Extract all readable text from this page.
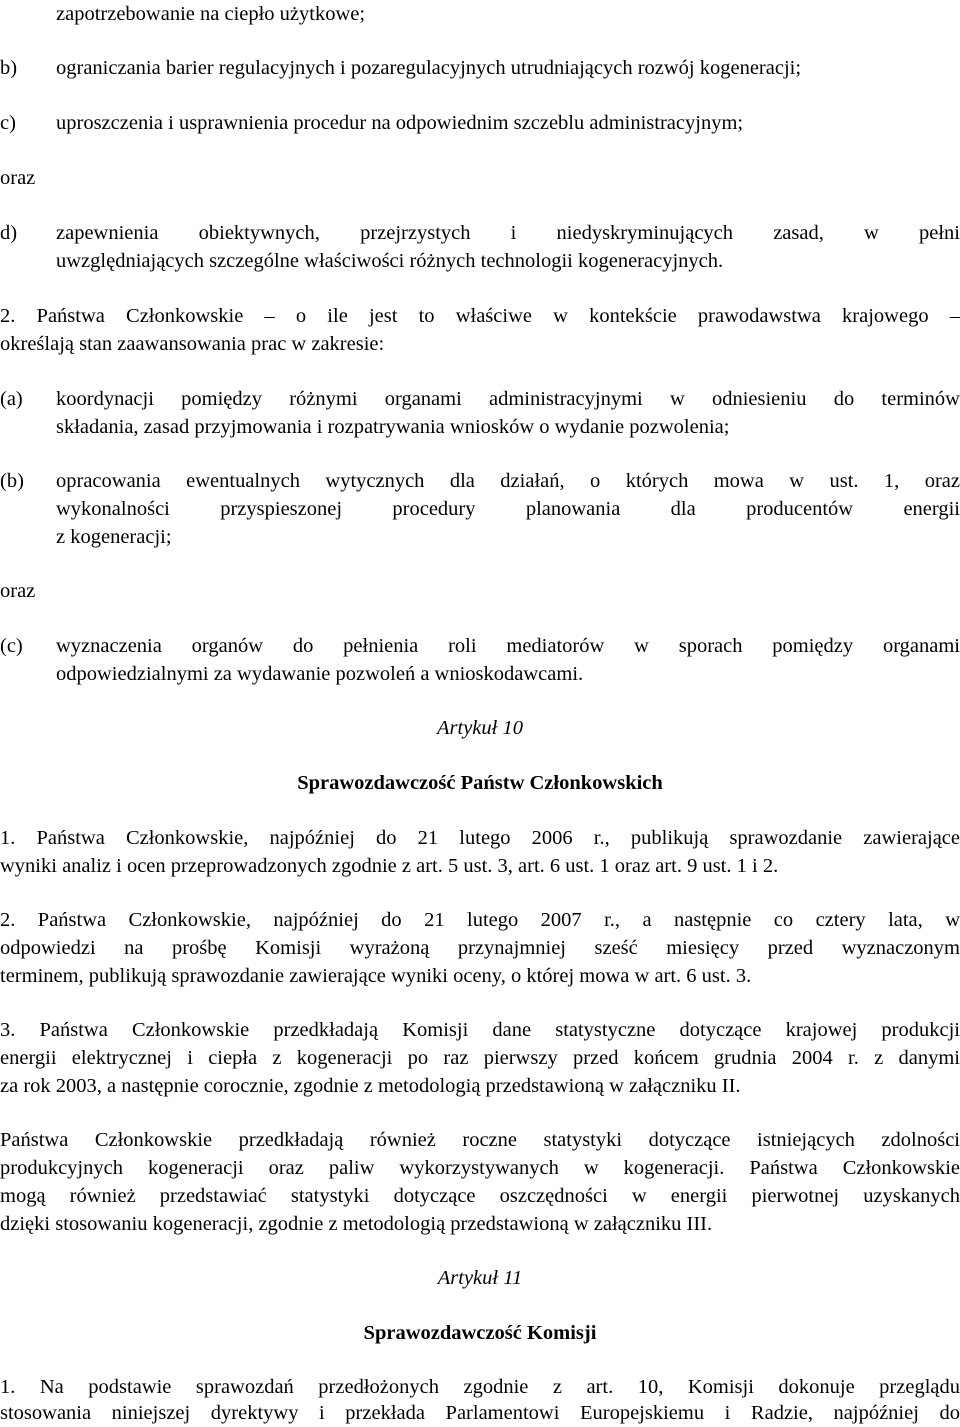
zapotrzebowanie na ciepło użytkowe;
b) ograniczania barier regulacyjnych i pozaregulacyjnych utrudniających rozwój kogeneracji;
c) uproszczenia i usprawnienia procedur na odpowiednim szczeblu administracyjnym;
oraz
d) zapewnienia obiektywnych, przejrzystych i niedyskryminujących zasad, w pełni
uwzględniających szczególne właściwości różnych technologii kogeneracyjnych.
2. Państwa Członkowskie – o ile jest to właściwe w kontekście prawodawstwa krajowego –
określają stan zaawansowania prac w zakresie:
(a) koordynacji pomiędzy różnymi organami administracyjnymi w odniesieniu do terminów
składania, zasad przyjmowania i rozpatrywania wniosków o wydanie pozwolenia;
(b) opracowania ewentualnych wytycznych dla działań, o których mowa w ust. 1, oraz
wykonalności przyspieszonej procedury planowania dla producentów energii
z kogeneracji;
oraz
(c) wyznaczenia organów do pełnienia roli mediatorów w sporach pomiędzy organami
odpowiedzialnymi za wydawanie pozwoleń a wnioskodawcami.
Artykuł 10
Sprawozdawczość Państw Członkowskich
1. Państwa Członkowskie, najpóźniej do 21 lutego 2006 r., publikują sprawozdanie zawierające
wyniki analiz i ocen przeprowadzonych zgodnie z art. 5 ust. 3, art. 6 ust. 1 oraz art. 9 ust. 1 i 2.
2. Państwa Członkowskie, najpóźniej do 21 lutego 2007 r., a następnie co cztery lata, w
odpowiedzi na prośbę Komisji wyrażoną przynajmniej sześć miesięcy przed wyznaczonym
terminem, publikują sprawozdanie zawierające wyniki oceny, o której mowa w art. 6 ust. 3.
3. Państwa Członkowskie przedkładają Komisji dane statystyczne dotyczące krajowej produkcji
energii elektrycznej i ciepła z kogeneracji po raz pierwszy przed końcem grudnia 2004 r. z danymi
za rok 2003, a następnie corocznie, zgodnie z metodologią przedstawioną w załączniku II.
Państwa Członkowskie przedkładają również roczne statystyki dotyczące istniejących zdolności
produkcyjnych kogeneracji oraz paliw wykorzystywanych w kogeneracji. Państwa Członkowskie
mogą również przedstawiać statystyki dotyczące oszczędności w energii pierwotnej uzyskanych
dzięki stosowaniu kogeneracji, zgodnie z metodologią przedstawioną w załączniku III.
Artykuł 11
Sprawozdawczość Komisji
1. Na podstawie sprawozdań przedłożonych zgodnie z art. 10, Komisji dokonuje przeglądu
stosowania niniejszej dyrektywy i przekłada Parlamentowi Europejskiemu i Radzie, najpóźniej do
